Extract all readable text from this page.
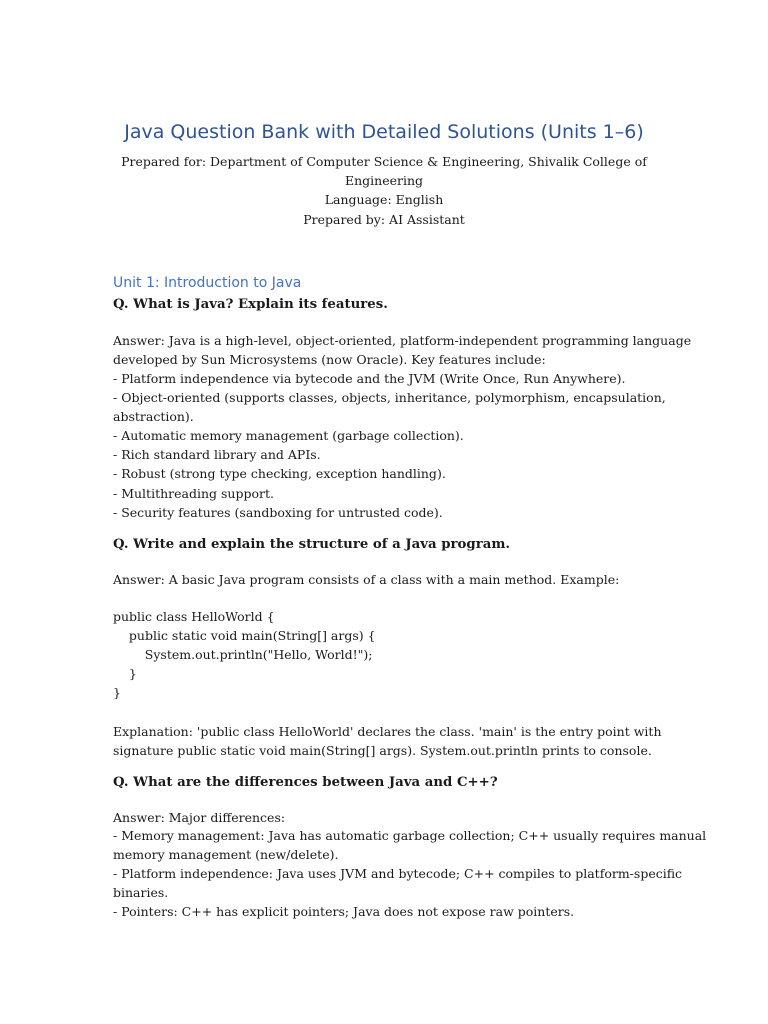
Java Question Bank with Detailed Solutions (Units 1–6)
Prepared for: Department of Computer Science & Engineering, Shivalik College of
Engineering
Language: English
Prepared by: AI Assistant
Unit 1: Introduction to Java
Q. What is Java? Explain its features.
Answer: Java is a high-level, object-oriented, platform-independent programming language
developed by Sun Microsystems (now Oracle). Key features include:
- Platform independence via bytecode and the JVM (Write Once, Run Anywhere).
- Object-oriented (supports classes, objects, inheritance, polymorphism, encapsulation,
abstraction).
- Automatic memory management (garbage collection).
- Rich standard library and APIs.
- Robust (strong type checking, exception handling).
- Multithreading support.
- Security features (sandboxing for untrusted code).
Q. Write and explain the structure of a Java program.
Answer: A basic Java program consists of a class with a main method. Example:
public class HelloWorld {
public static void main(String[] args) {
System.out.println("Hello, World!");
}
}
Explanation: 'public class HelloWorld' declares the class. 'main' is the entry point with
signature public static void main(String[] args). System.out.println prints to console.
Q. What are the differences between Java and C++?
Answer: Major differences:
- Memory management: Java has automatic garbage collection; C++ usually requires manual
memory management (new/delete).
- Platform independence: Java uses JVM and bytecode; C++ compiles to platform-specific
binaries.
- Pointers: C++ has explicit pointers; Java does not expose raw pointers.
